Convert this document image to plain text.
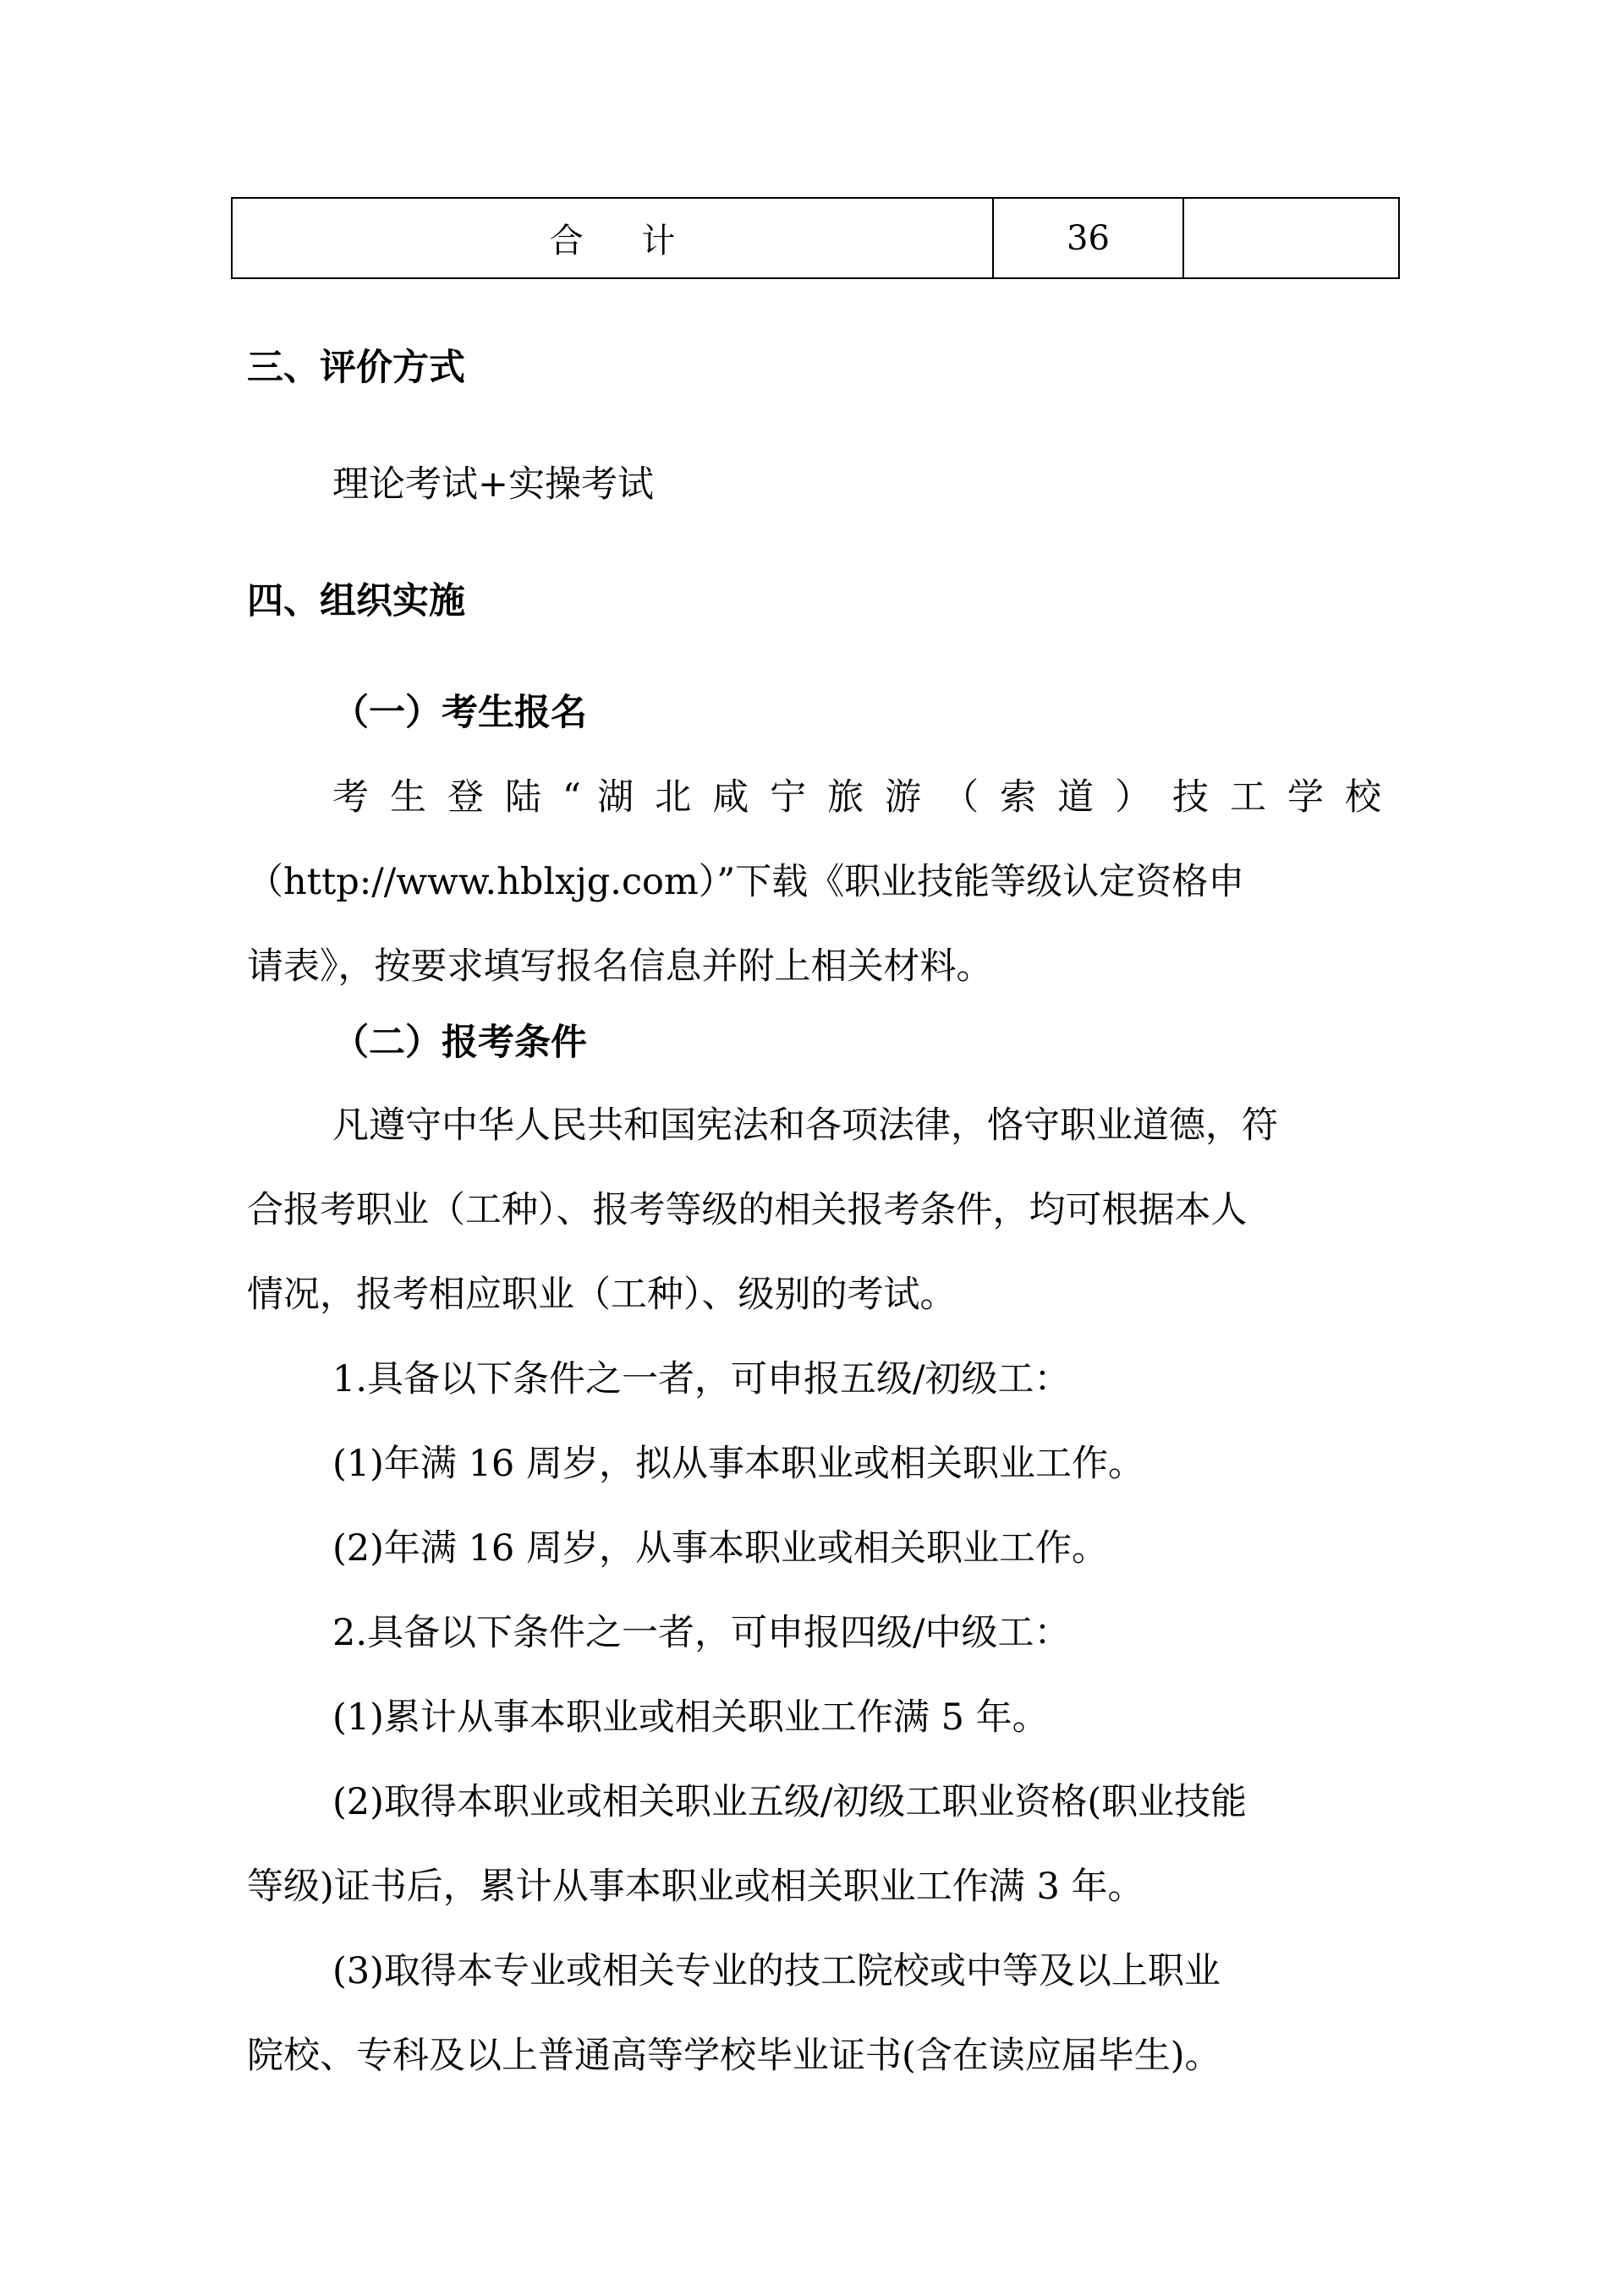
合 计	36	
三、评价方式
理论考试+实操考试
四、组织实施
（一）考生报名
考 生 登 陆 “ 湖 北 咸 宁 旅 游 （ 索 道 ） 技 工 学 校
（http://www.hblxjg.com）”下载《职业技能等级认定资格申
请表》，按要求填写报名信息并附上相关材料。
（二）报考条件
凡遵守中华人民共和国宪法和各项法律，恪守职业道德，符
合报考职业（工种）、报考等级的相关报考条件，均可根据本人
情况，报考相应职业（工种）、级别的考试。
1.具备以下条件之一者，可申报五级/初级工：
(1)年满 16 周岁，拟从事本职业或相关职业工作。
(2)年满 16 周岁，从事本职业或相关职业工作。
2.具备以下条件之一者，可申报四级/中级工：
(1)累计从事本职业或相关职业工作满 5 年。
(2)取得本职业或相关职业五级/初级工职业资格(职业技能
等级)证书后，累计从事本职业或相关职业工作满 3 年。
(3)取得本专业或相关专业的技工院校或中等及以上职业
院校、专科及以上普通高等学校毕业证书(含在读应届毕生)。
